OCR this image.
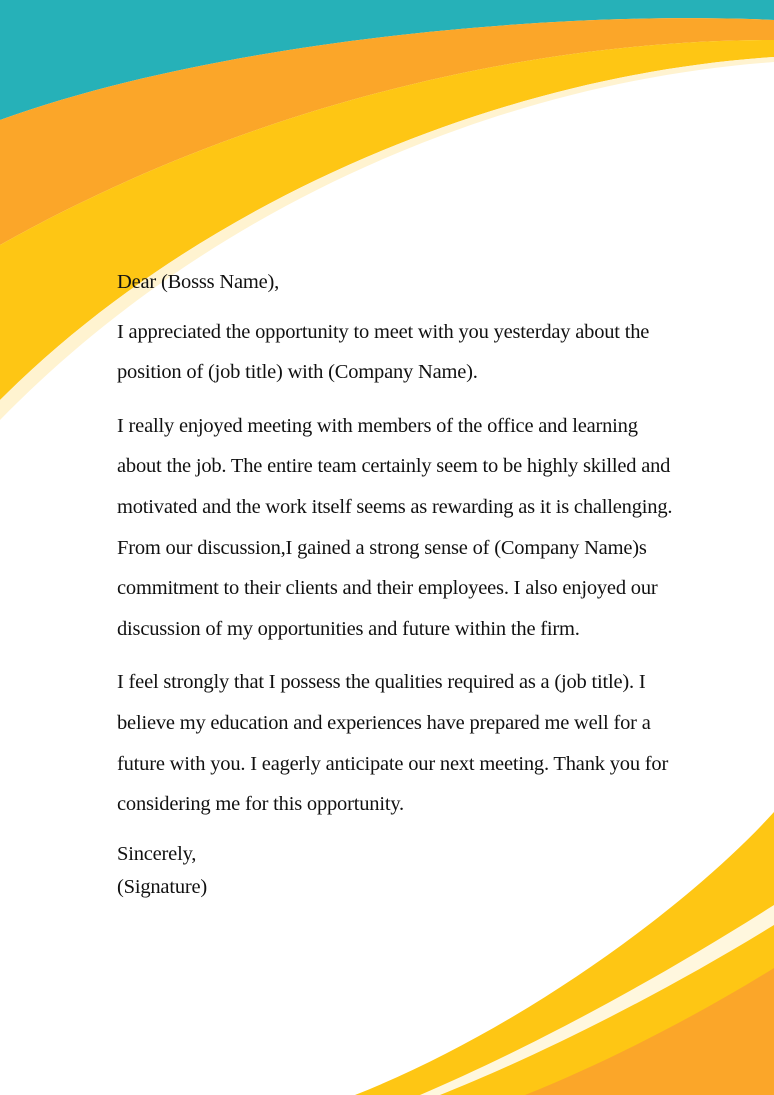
Dear (Bosss Name),

I appreciated the opportunity to meet with you yesterday about the position of (job title) with (Company Name).

I really enjoyed meeting with members of the office and learning about the job. The entire team certainly seem to be highly skilled and motivated and the work itself seems as rewarding as it is challenging. From our discussion,I gained a strong sense of (Company Name)s commitment to their clients and their employees. I also enjoyed our discussion of my opportunities and future within the firm.

I feel strongly that I possess the qualities required as a (job title). I believe my education and experiences have prepared me well for a future with you. I eagerly anticipate our next meeting. Thank you for considering me for this opportunity.

Sincerely,
(Signature)
